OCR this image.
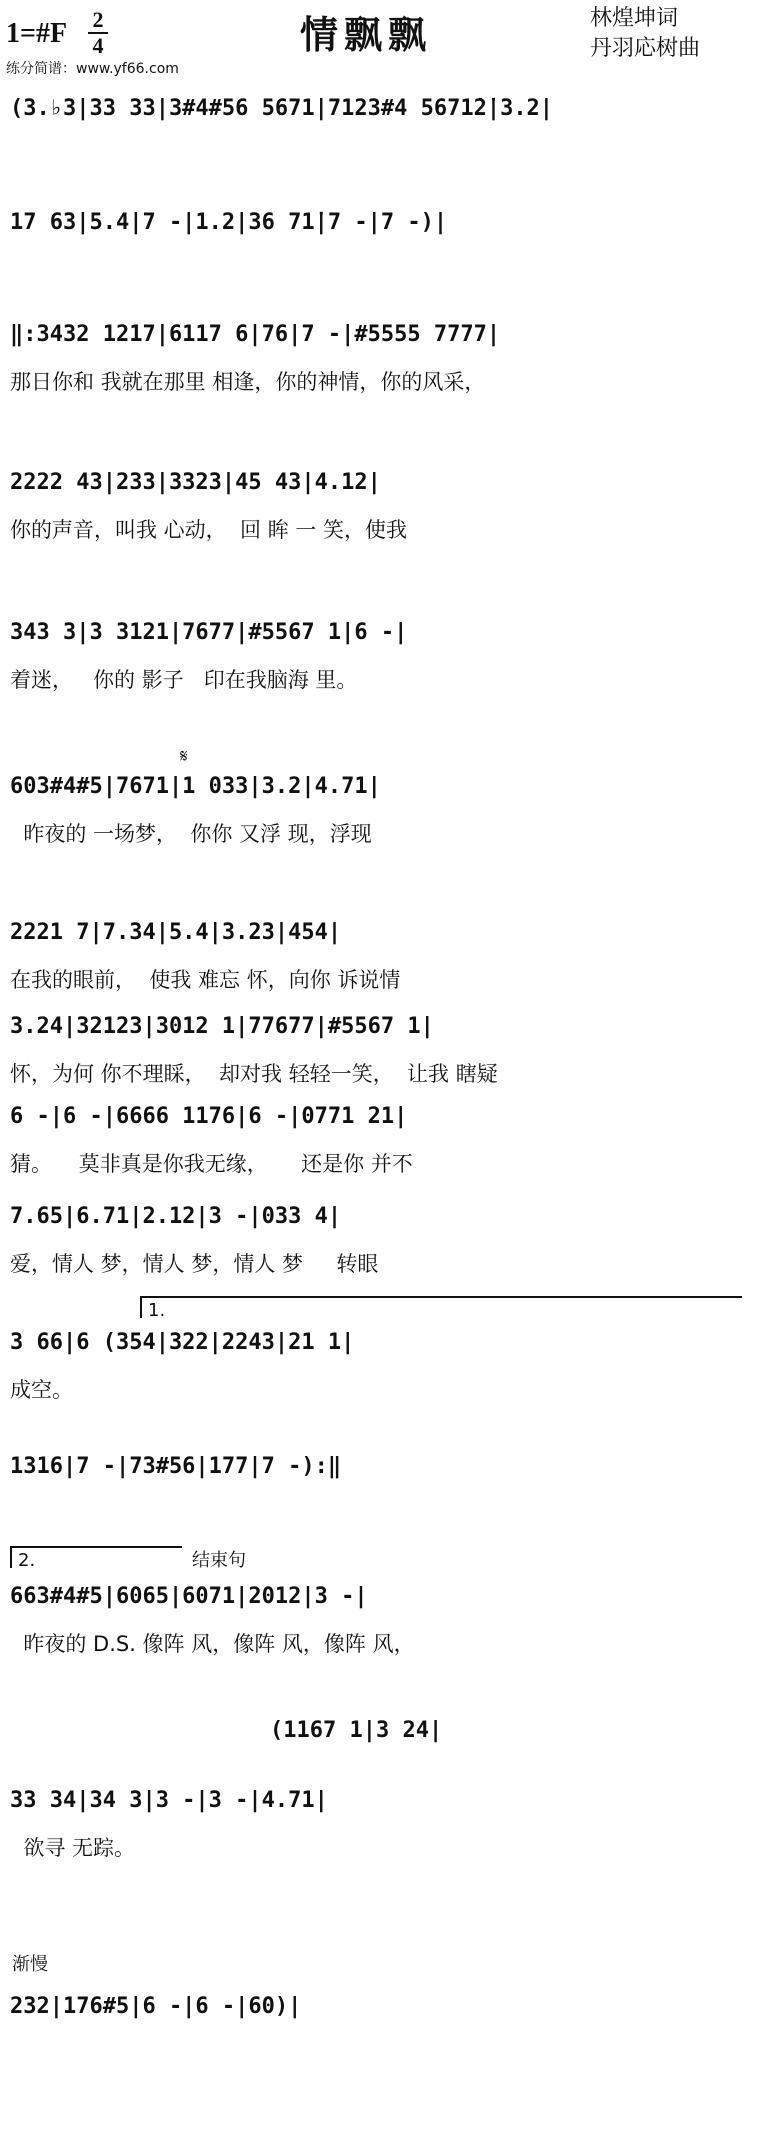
1=#F 2
4	情飘飘	林煌坤词
丹羽応树曲
练分简谱：www.yf66.com
(3.♭3|33 33|3#4#56 5671|7123#4 5671̇2̇|3.2|
17 63|5.4|7 -|1.2|36 71̇|7 -|7 -)|
‖:3432 1217|6117 6|76|7 -|#5555 7777|
那日你和 我就在那里 相逢，你的神情，你的风采，
2222 43|233|3323|45 43|4.12|
你的声音，叫我 心动，  回 眸 一 笑，使我
343 3|3 3121|7677|#5567 1|6 -|
着迷，   你的 影子   印在我脑海 里。
603#4#5|7671|1 033|3.2|4.71|
昨夜的 一场梦，  你你 又浮 现，浮现
𝄋
2221 7|7.34|5.4|3.23|454|
在我的眼前，  使我 难忘 怀，向你 诉说情
3.24|32123|3012 1|77677|#5567 1|
怀，为何 你不理睬，  却对我 轻轻一笑，  让我 瞎疑
6 -|6 -|6666 1176|6 -|0771 21|
猜。    莫非真是你我无缘，     还是你 并不
7.65|6.71|2.12|3 -|033 4|
爱，情人 梦，情人 梦，情人 梦     转眼
1.
3 66|6 (354|322|2243|21 1|
成空。
1316|7 -|73#56|177|7 -):‖
2.	结束句
663#4#5|6065|6071|2012|3 -|
昨夜的 D.S. 像阵 风，像阵 风，像阵 风，
(1167 1|3 24|
33 34|34 3|3 -|3 -|4.71|
欲寻 无踪。
渐慢
232|176#5|6 -|6 -|60)|
